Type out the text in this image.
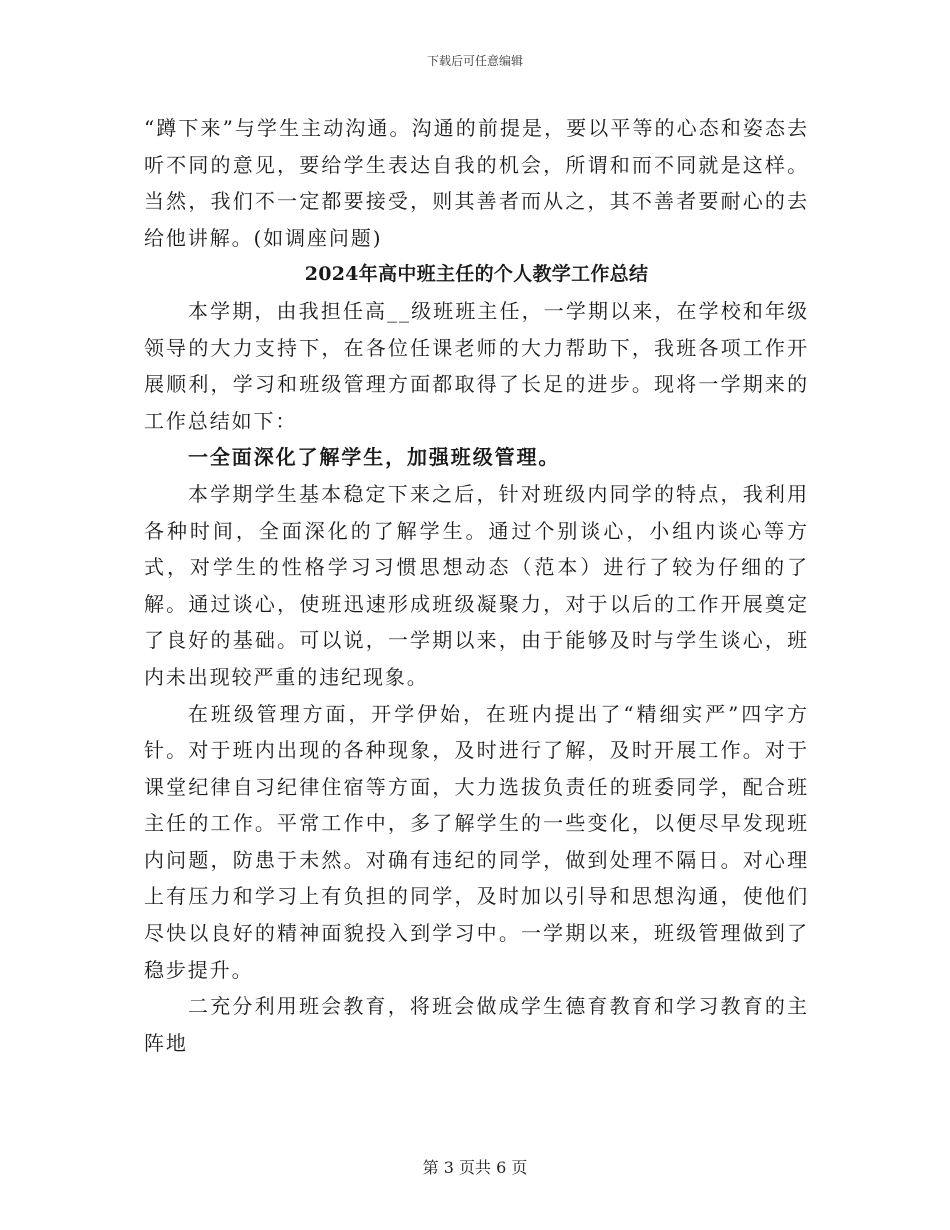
下载后可任意编辑

“蹲下来”与学生主动沟通。沟通的前提是，要以平等的心态和姿态去听不同的意见，要给学生表达自我的机会，所谓和而不同就是这样。当然，我们不一定都要接受，则其善者而从之，其不善者要耐心的去给他讲解。(如调座问题)

2024年高中班主任的个人教学工作总结

本学期，由我担任高__级班班主任，一学期以来，在学校和年级领导的大力支持下，在各位任课老师的大力帮助下，我班各项工作开展顺利，学习和班级管理方面都取得了长足的进步。现将一学期来的工作总结如下：

一全面深化了解学生，加强班级管理。

本学期学生基本稳定下来之后，针对班级内同学的特点，我利用各种时间，全面深化的了解学生。通过个别谈心，小组内谈心等方式，对学生的性格学习习惯思想动态（范本）进行了较为仔细的了解。通过谈心，使班迅速形成班级凝聚力，对于以后的工作开展奠定了良好的基础。可以说，一学期以来，由于能够及时与学生谈心，班内未出现较严重的违纪现象。

在班级管理方面，开学伊始，在班内提出了“精细实严”四字方针。对于班内出现的各种现象，及时进行了解，及时开展工作。对于课堂纪律自习纪律住宿等方面，大力选拔负责任的班委同学，配合班主任的工作。平常工作中，多了解学生的一些变化，以便尽早发现班内问题，防患于未然。对确有违纪的同学，做到处理不隔日。对心理上有压力和学习上有负担的同学，及时加以引导和思想沟通，使他们尽快以良好的精神面貌投入到学习中。一学期以来，班级管理做到了稳步提升。

二充分利用班会教育，将班会做成学生德育教育和学习教育的主阵地

第 3 页共 6 页
